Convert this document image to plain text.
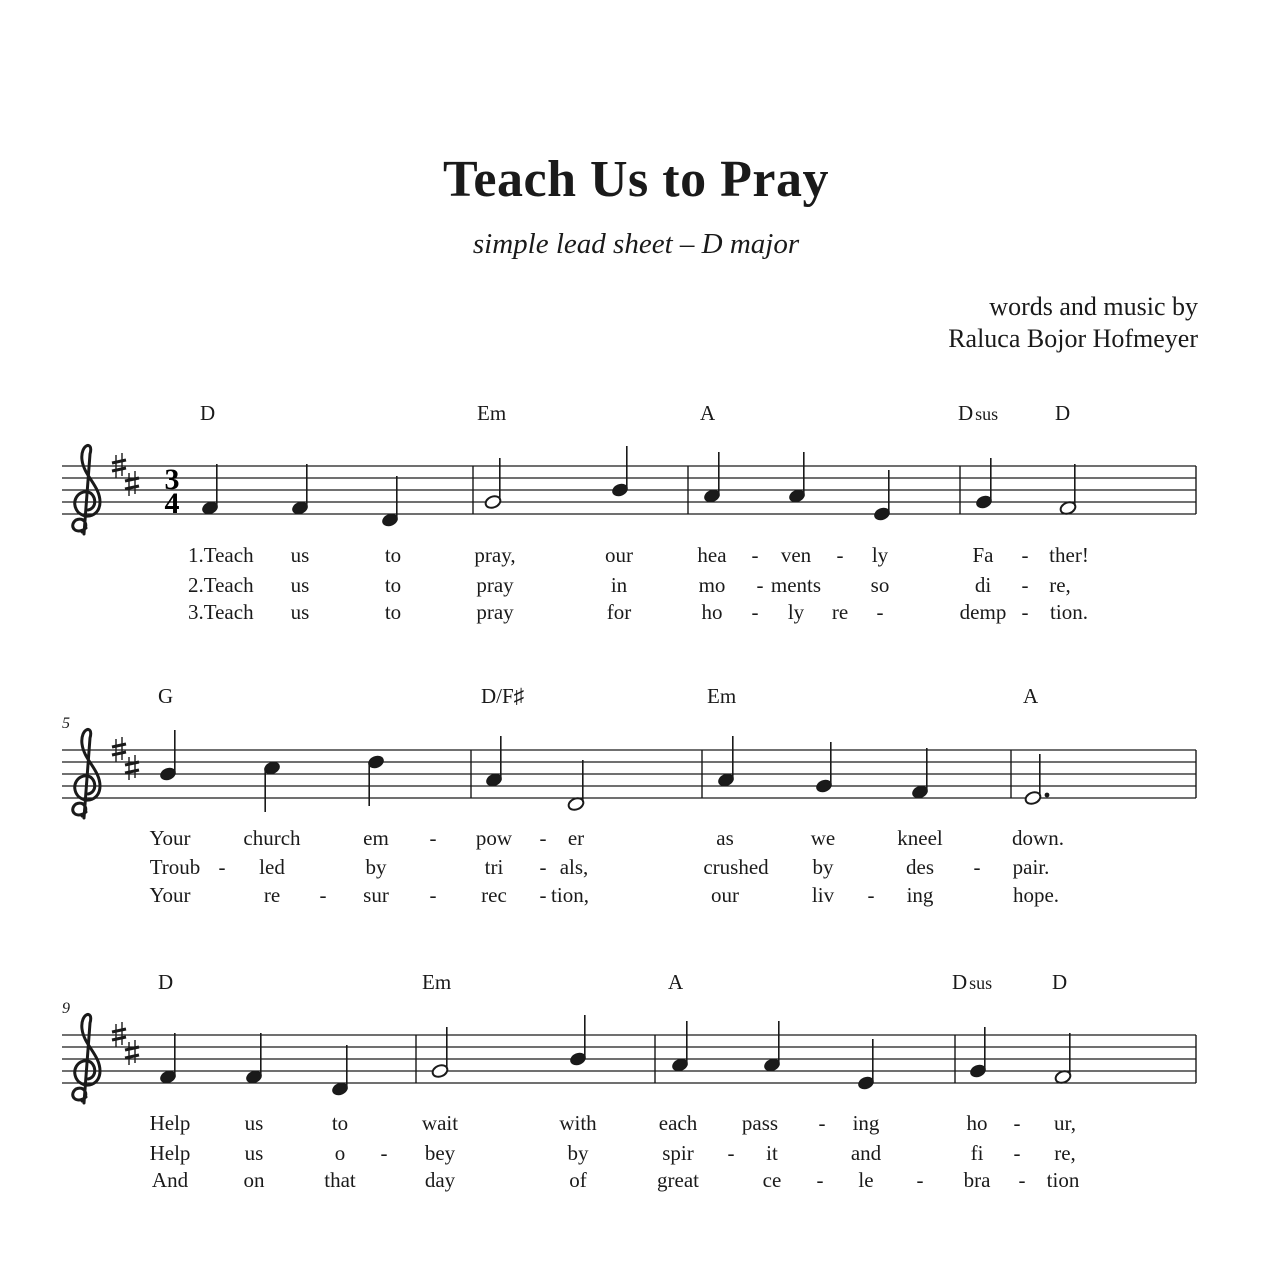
Teach Us to Pray
simple lead sheet – D major
words and music by
Raluca Bojor Hofmeyer
3
4
D	Em	A	D sus	D
1.Teach us	to	pray,	our	hea - ven - ly	Fa - ther!
2.Teach us	to	pray	in	mo - ments so	di - re,
3.Teach us	to	pray	for	ho - ly re -	demp - tion.
5
G	D/F♯	Em	A
Your	church	em - pow - er	as	we	kneel	down.
Troub - led	by	tri - als,	crushed by	des - pair.
Your	re - sur - rec - tion,	our	liv - ing	hope.
9
D	Em	A	D sus	D
Help	us	to	wait	with	each pass - ing	ho - ur,
Help	us	o - bey	by	spir - it	and	fi - re,
And	on	that	day	of	great	ce - le - bra - tion
